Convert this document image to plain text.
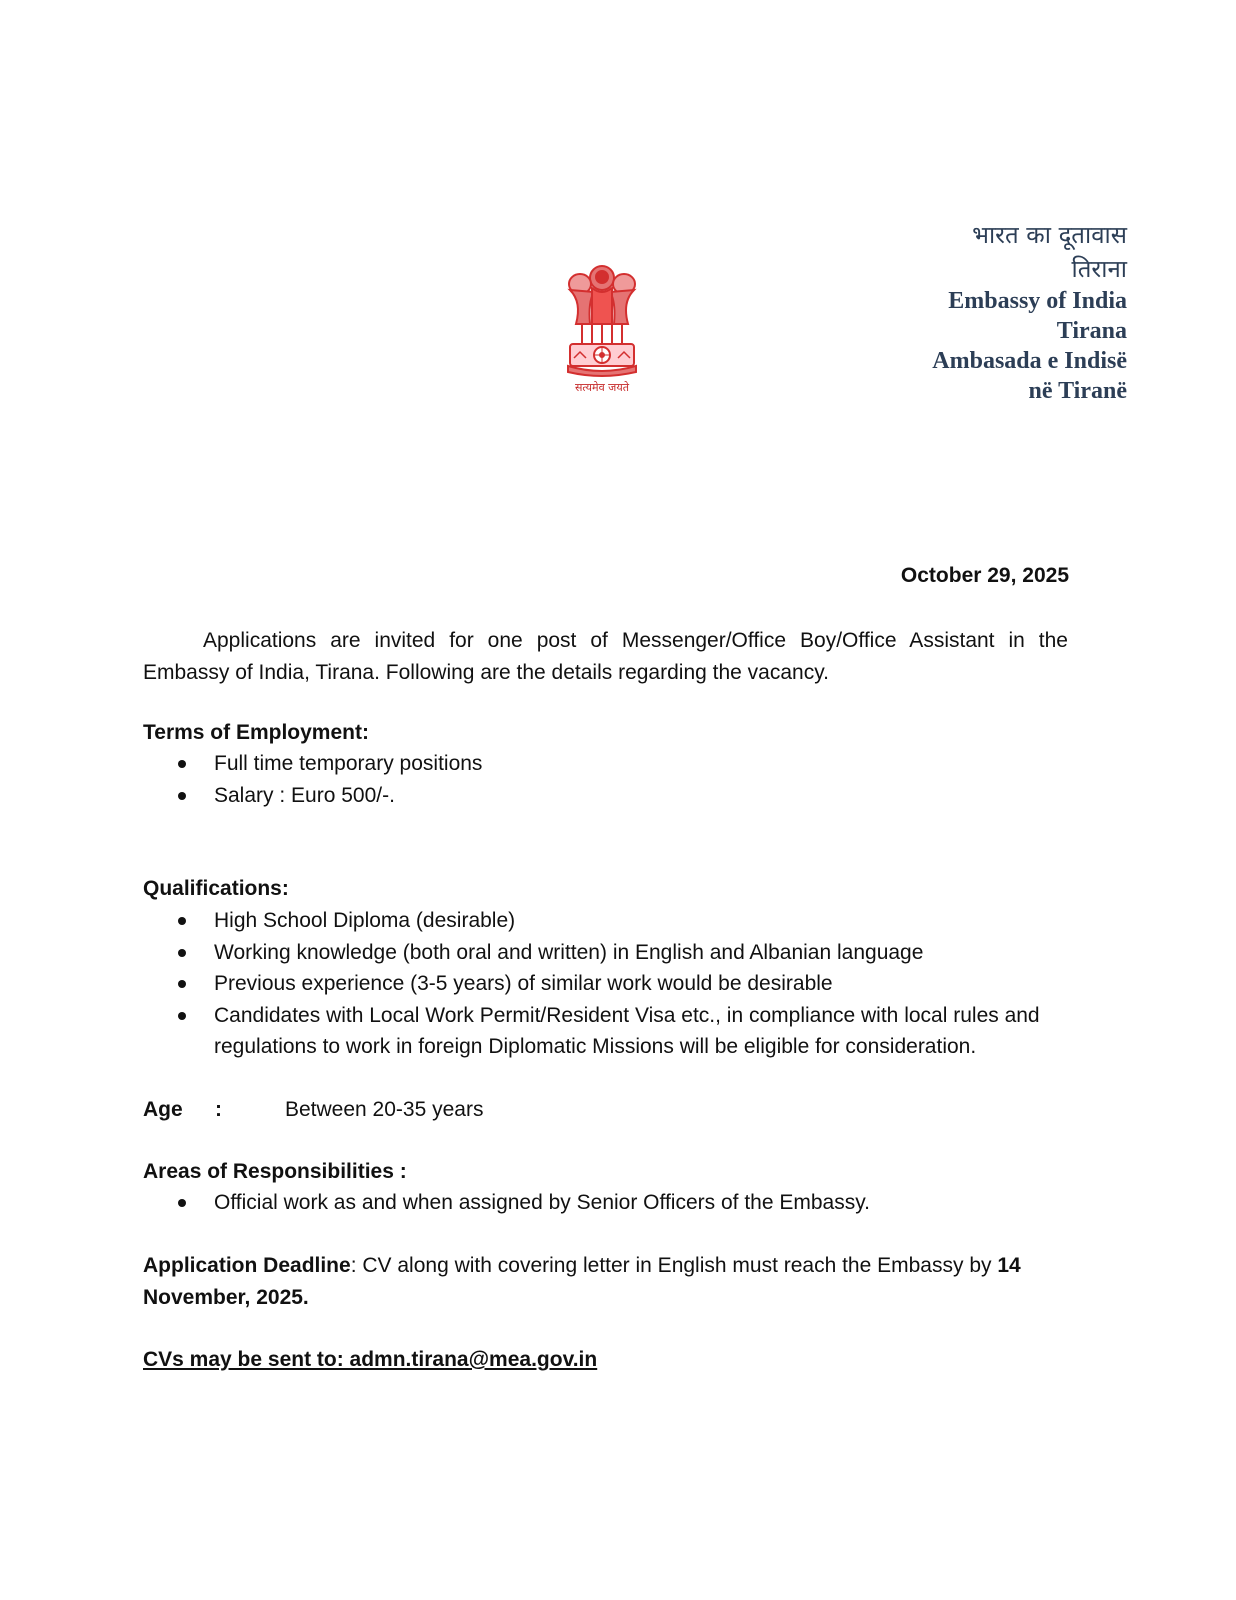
सत्यमेव जयते
भारत का दूतावास
तिराना
Embassy of India
Tirana
Ambasada e Indisë
në Tiranë
October 29, 2025
Applications are invited for one post of Messenger/Office Boy/Office Assistant in the Embassy of India, Tirana. Following are the details regarding the vacancy.
Terms of Employment:
Full time temporary positions
Salary : Euro 500/-.
Qualifications:
High School Diploma (desirable)
Working knowledge (both oral and written) in English and Albanian language
Previous experience (3-5 years) of similar work would be desirable
Candidates with Local Work Permit/Resident Visa etc., in compliance with local rules and regulations to work in foreign Diplomatic Missions will be eligible for consideration.
Age :	Between 20-35 years
Areas of Responsibilities :
Official work as and when assigned by Senior Officers of the Embassy.
Application Deadline: CV along with covering letter in English must reach the Embassy by 14 November, 2025.
CVs may be sent to: admn.tirana@mea.gov.in
